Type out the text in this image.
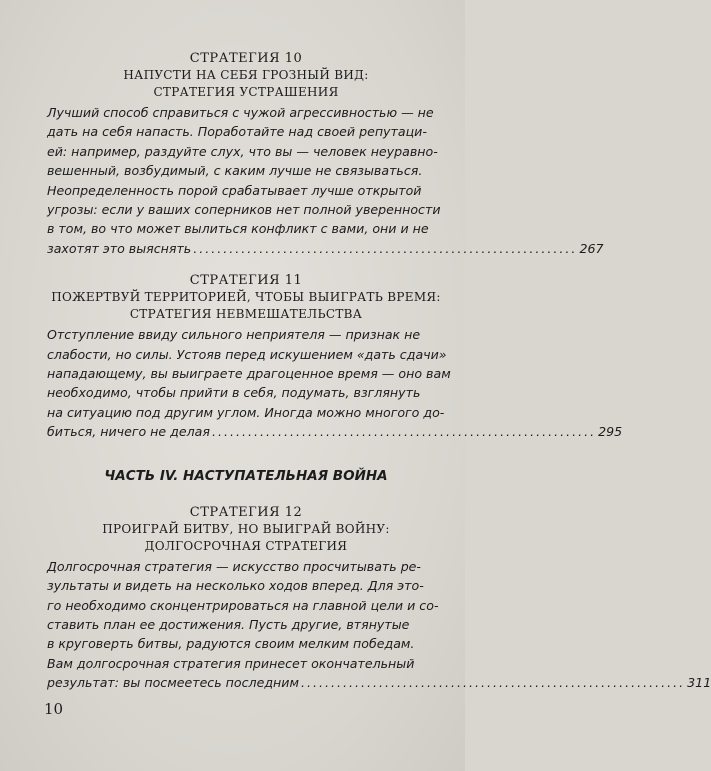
СТРАТЕГИЯ 10
НАПУСТИ НА СЕБЯ ГРОЗНЫЙ ВИД:
СТРАТЕГИЯ УСТРАШЕНИЯ
Лучший способ справиться с чужой агрессивностью — не
дать на себя напасть. Поработайте над своей репутаци-
ей: например, раздуйте слух, что вы — человек неуравно-
вешенный, возбудимый, с каким лучше не связываться.
Неопределенность порой срабатывает лучше открытой
угрозы: если у ваших соперников нет полной уверенности
в том, во что может вылиться конфликт с вами, они и не
захотят это выяснять ................................................................ 267
СТРАТЕГИЯ 11
ПОЖЕРТВУЙ ТЕРРИТОРИЕЙ, ЧТОБЫ ВЫИГРАТЬ ВРЕМЯ:
СТРАТЕГИЯ НЕВМЕШАТЕЛЬСТВА
Отступление ввиду сильного неприятеля — признак не
слабости, но силы. Устояв перед искушением «дать сдачи»
нападающему, вы выиграете драгоценное время — оно вам
необходимо, чтобы прийти в себя, подумать, взглянуть
на ситуацию под другим углом. Иногда можно многого до-
биться, ничего не делая ................................................................ 295
ЧАСТЬ IV. НАСТУПАТЕЛЬНАЯ ВОЙНА
СТРАТЕГИЯ 12
ПРОИГРАЙ БИТВУ, НО ВЫИГРАЙ ВОЙНУ:
ДОЛГОСРОЧНАЯ СТРАТЕГИЯ
Долгосрочная стратегия — искусство просчитывать ре-
зультаты и видеть на несколько ходов вперед. Для это-
го необходимо сконцентрироваться на главной цели и со-
ставить план ее достижения. Пусть другие, втянутые
в круговерть битвы, радуются своим мелким победам.
Вам долгосрочная стратегия принесет окончательный
результат: вы посмеетесь последним ................................................................ 311
10
